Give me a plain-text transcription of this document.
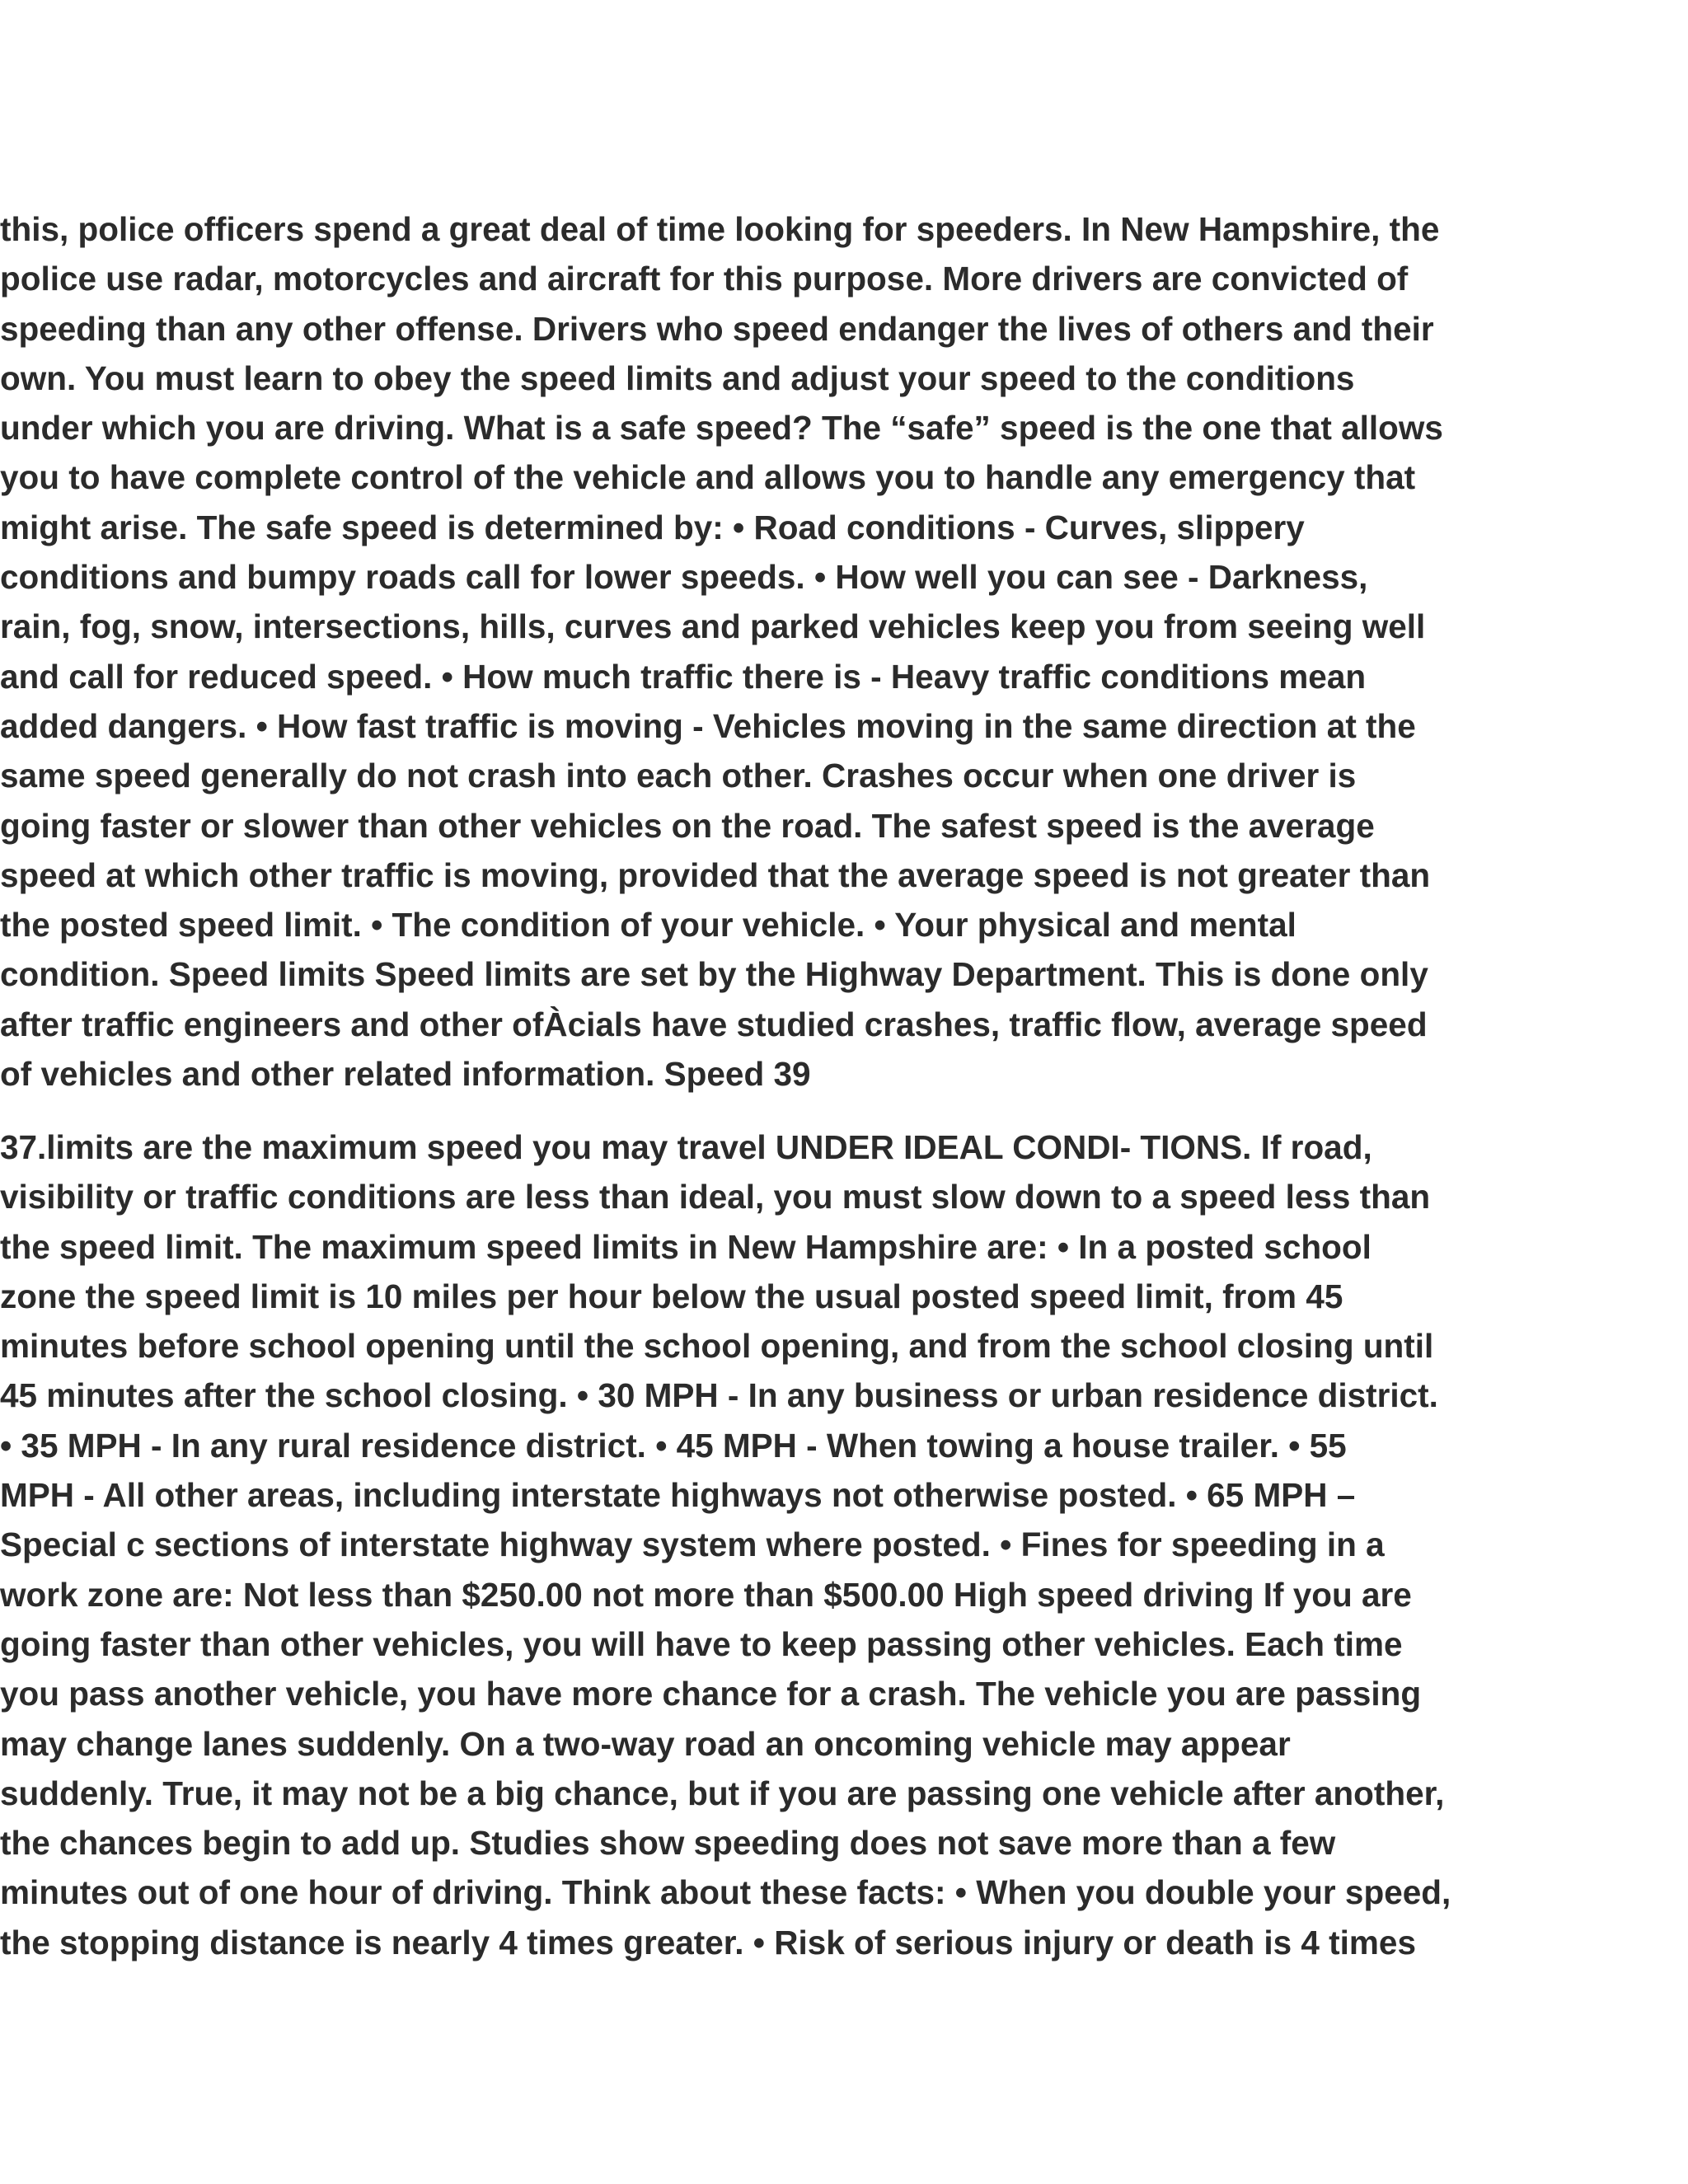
this, police officers spend a great deal of time looking for speeders. In New Hampshire, the
police use radar, motorcycles and aircraft for this purpose. More drivers are convicted of
speeding than any other offense. Drivers who speed endanger the lives of others and their
own. You must learn to obey the speed limits and adjust your speed to the conditions
under which you are driving. What is a safe speed? The “safe” speed is the one that allows
you to have complete control of the vehicle and allows you to handle any emergency that
might arise. The safe speed is determined by: • Road conditions - Curves, slippery
conditions and bumpy roads call for lower speeds. • How well you can see - Darkness,
rain, fog, snow, intersections, hills, curves and parked vehicles keep you from seeing well
and call for reduced speed. • How much traffic there is - Heavy traffic conditions mean
added dangers. • How fast traffic is moving - Vehicles moving in the same direction at the
same speed generally do not crash into each other. Crashes occur when one driver is
going faster or slower than other vehicles on the road. The safest speed is the average
speed at which other traffic is moving, provided that the average speed is not greater than
the posted speed limit. • The condition of your vehicle. • Your physical and mental
condition. Speed limits Speed limits are set by the Highway Department. This is done only
after traffic engineers and other ofÀcials have studied crashes, traffic flow, average speed
of vehicles and other related information. Speed 39

37.limits are the maximum speed you may travel UNDER IDEAL CONDI- TIONS. If road,
visibility or traffic conditions are less than ideal, you must slow down to a speed less than
the speed limit. The maximum speed limits in New Hampshire are: • In a posted school
zone the speed limit is 10 miles per hour below the usual posted speed limit, from 45
minutes before school opening until the school opening, and from the school closing until
45 minutes after the school closing. • 30 MPH - In any business or urban residence district.
• 35 MPH - In any rural residence district. • 45 MPH - When towing a house trailer. • 55
MPH - All other areas, including interstate highways not otherwise posted. • 65 MPH –
Special c sections of interstate highway system where posted. • Fines for speeding in a
work zone are: Not less than $250.00 not more than $500.00 High speed driving If you are
going faster than other vehicles, you will have to keep passing other vehicles. Each time
you pass another vehicle, you have more chance for a crash. The vehicle you are passing
may change lanes suddenly. On a two-way road an oncoming vehicle may appear
suddenly. True, it may not be a big chance, but if you are passing one vehicle after another,
the chances begin to add up. Studies show speeding does not save more than a few
minutes out of one hour of driving. Think about these facts: • When you double your speed,
the stopping distance is nearly 4 times greater. • Risk of serious injury or death is 4 times
